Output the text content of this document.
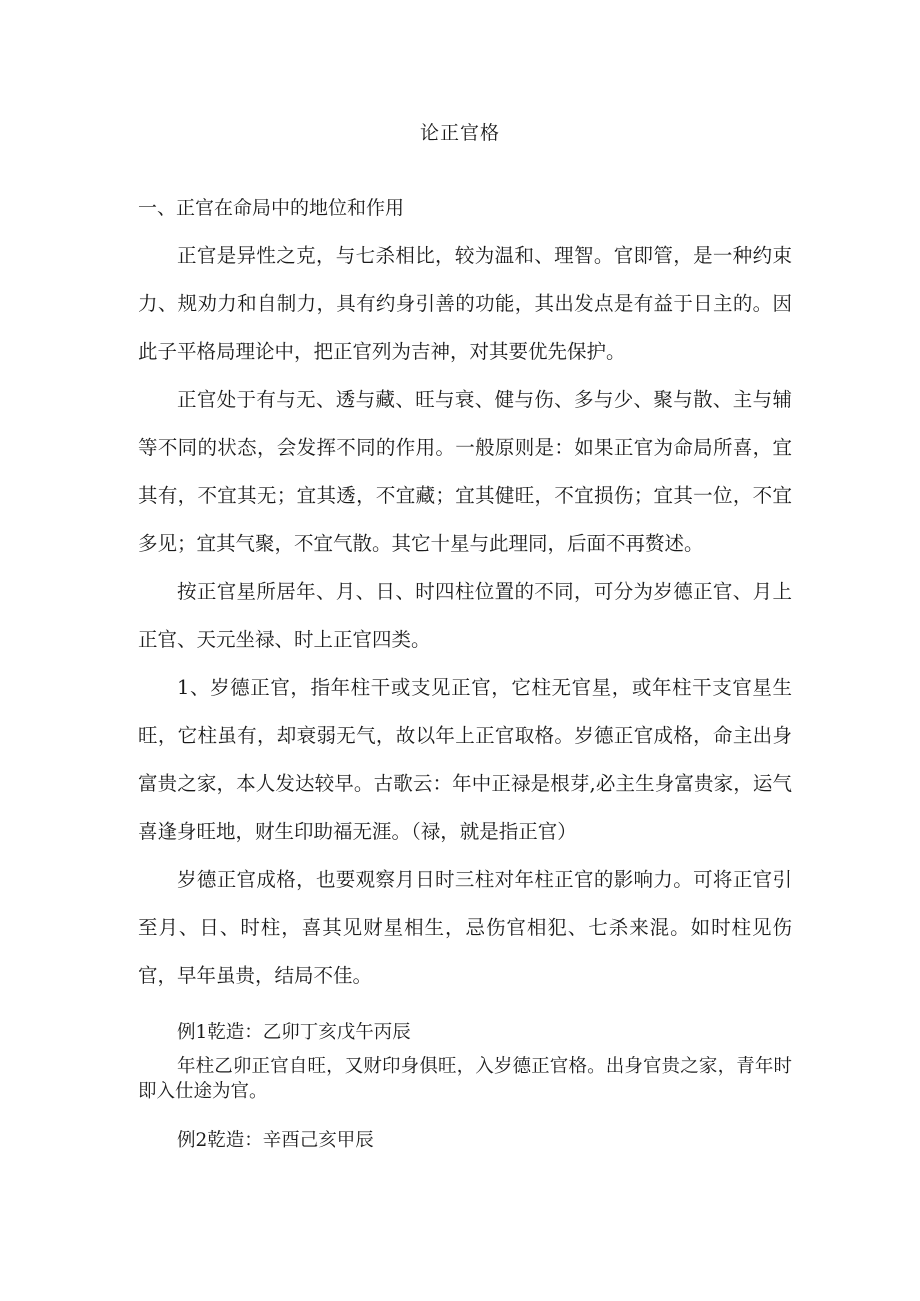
论正官格
一、正官在命局中的地位和作用
正官是异性之克，与七杀相比，较为温和、理智。官即管，是一种约束力、规劝力和自制力，具有约身引善的功能，其出发点是有益于日主的。因此子平格局理论中，把正官列为吉神，对其要优先保护。
正官处于有与无、透与藏、旺与衰、健与伤、多与少、聚与散、主与辅等不同的状态，会发挥不同的作用。一般原则是：如果正官为命局所喜，宜其有，不宜其无；宜其透，不宜藏；宜其健旺，不宜损伤；宜其一位，不宜多见；宜其气聚，不宜气散。其它十星与此理同，后面不再赘述。
按正官星所居年、月、日、时四柱位置的不同，可分为岁德正官、月上正官、天元坐禄、时上正官四类。
1、岁德正官，指年柱干或支见正官，它柱无官星，或年柱干支官星生旺，它柱虽有，却衰弱无气，故以年上正官取格。岁德正官成格，命主出身富贵之家，本人发达较早。古歌云：年中正禄是根芽,必主生身富贵家，运气喜逢身旺地，财生印助福无涯。（禄，就是指正官）
岁德正官成格，也要观察月日时三柱对年柱正官的影响力。可将正官引至月、日、时柱，喜其见财星相生，忌伤官相犯、七杀来混。如时柱见伤官，早年虽贵，结局不佳。
例1乾造：乙卯丁亥戊午丙辰
年柱乙卯正官自旺，又财印身俱旺，入岁德正官格。出身官贵之家，青年时即入仕途为官。
例2乾造：辛酉己亥甲辰
